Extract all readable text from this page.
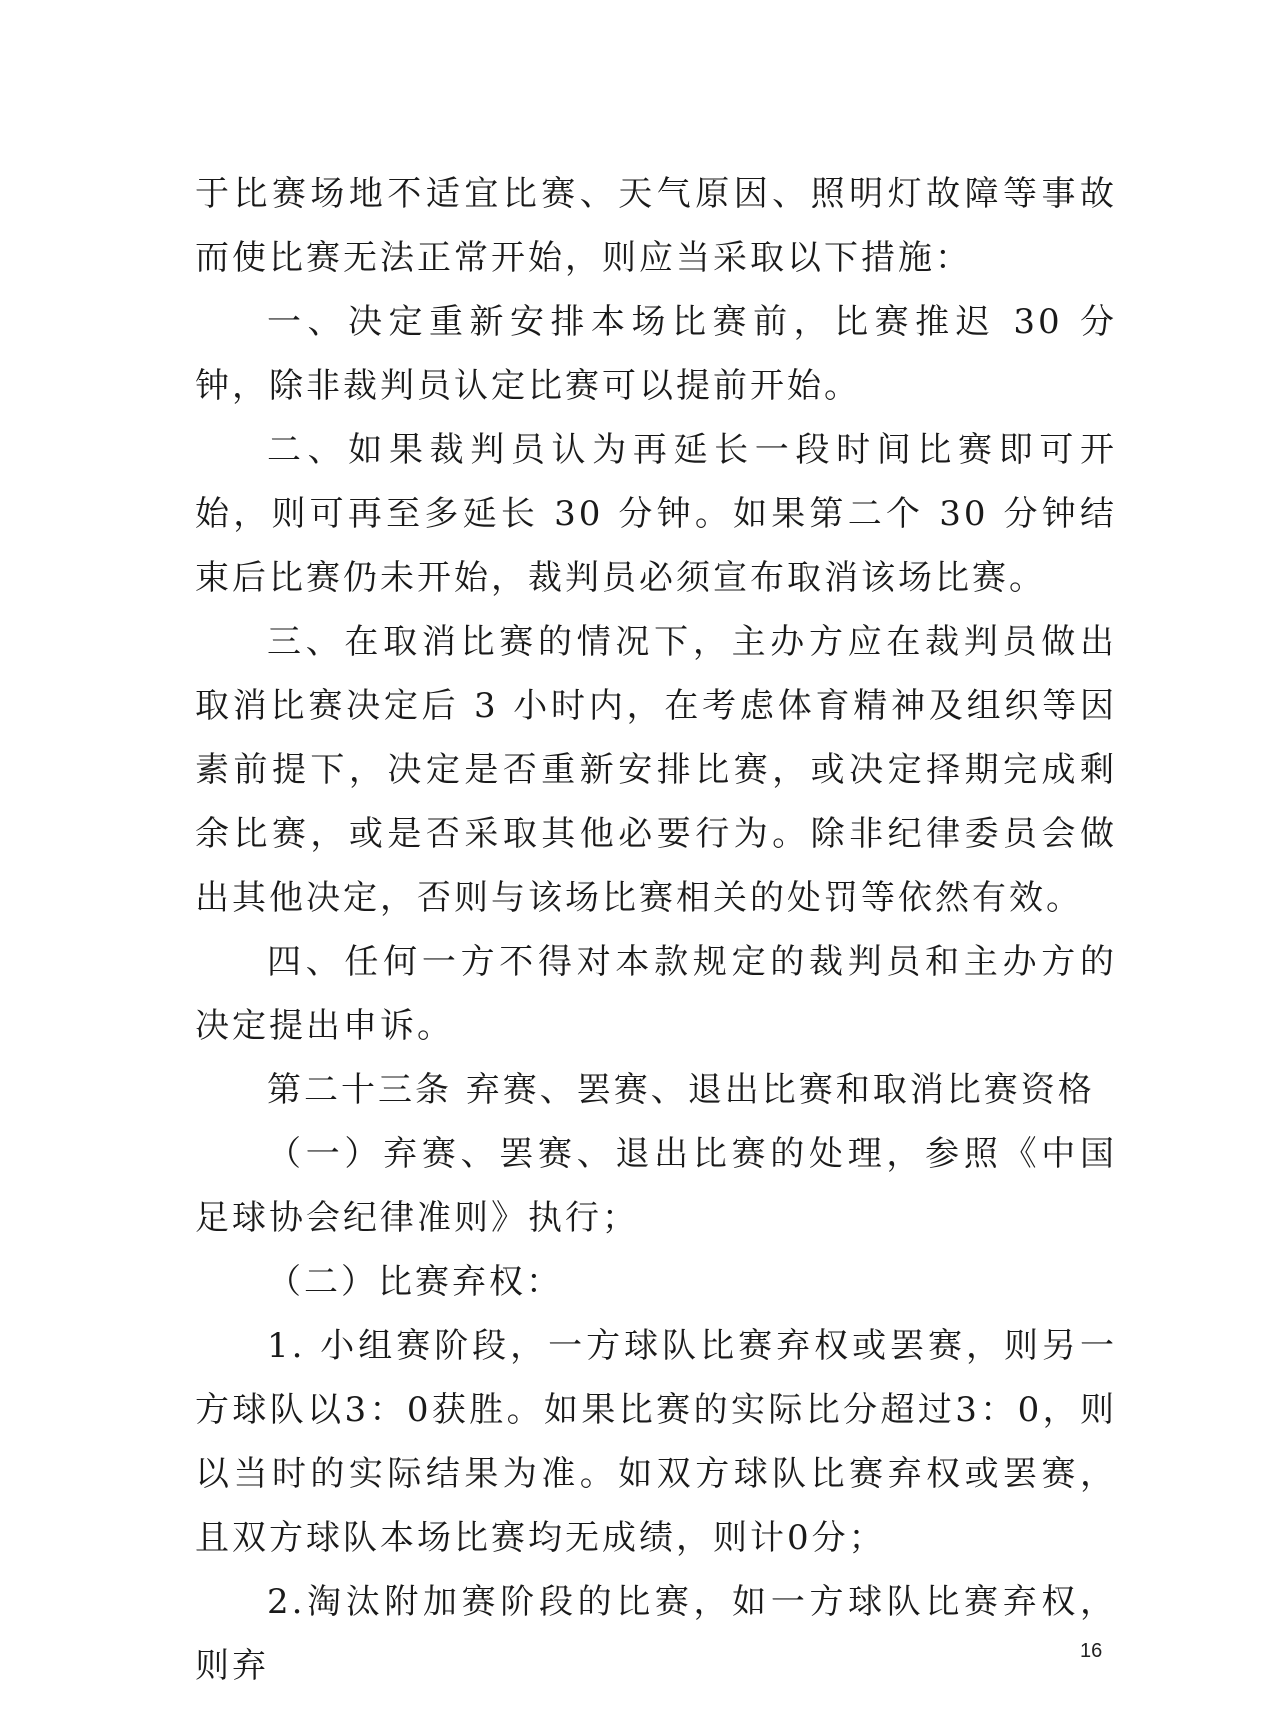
于比赛场地不适宜比赛、天气原因、照明灯故障等事故而使比赛无法正常开始，则应当采取以下措施：

一、决定重新安排本场比赛前，比赛推迟 30 分钟，除非裁判员认定比赛可以提前开始。

二、如果裁判员认为再延长一段时间比赛即可开始，则可再至多延长 30 分钟。如果第二个 30 分钟结束后比赛仍未开始，裁判员必须宣布取消该场比赛。

三、在取消比赛的情况下，主办方应在裁判员做出取消比赛决定后 3 小时内，在考虑体育精神及组织等因素前提下，决定是否重新安排比赛，或决定择期完成剩余比赛，或是否采取其他必要行为。除非纪律委员会做出其他决定，否则与该场比赛相关的处罚等依然有效。

四、任何一方不得对本款规定的裁判员和主办方的决定提出申诉。

第二十三条 弃赛、罢赛、退出比赛和取消比赛资格

（一）弃赛、罢赛、退出比赛的处理，参照《中国足球协会纪律准则》执行；

（二）比赛弃权：

1. 小组赛阶段，一方球队比赛弃权或罢赛，则另一方球队以3：0获胜。如果比赛的实际比分超过3：0，则以当时的实际结果为准。如双方球队比赛弃权或罢赛，且双方球队本场比赛均无成绩，则计0分；

2.淘汰附加赛阶段的比赛，如一方球队比赛弃权，则弃	16
